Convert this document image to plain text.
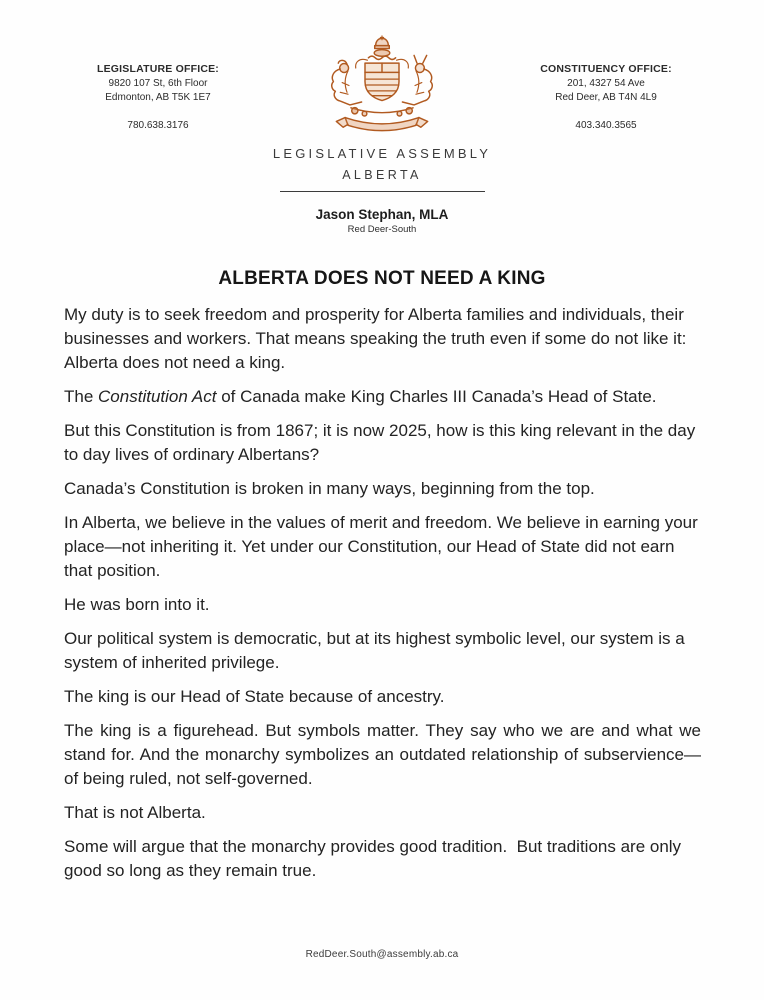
LEGISLATURE OFFICE:
9820 107 St, 6th Floor
Edmonton, AB T5K 1E7
780.638.3176
CONSTITUENCY OFFICE:
201, 4327 54 Ave
Red Deer, AB T4N 4L9
403.340.3565
LEGISLATIVE ASSEMBLY
ALBERTA
Jason Stephan, MLA
Red Deer-South
ALBERTA DOES NOT NEED A KING

My duty is to seek freedom and prosperity for Alberta families and individuals, their businesses and workers. That means speaking the truth even if some do not like it: Alberta does not need a king.

The Constitution Act of Canada make King Charles III Canada’s Head of State.

But this Constitution is from 1867; it is now 2025, how is this king relevant in the day to day lives of ordinary Albertans?

Canada’s Constitution is broken in many ways, beginning from the top.

In Alberta, we believe in the values of merit and freedom. We believe in earning your place—not inheriting it. Yet under our Constitution, our Head of State did not earn that position.

He was born into it.

Our political system is democratic, but at its highest symbolic level, our system is a system of inherited privilege.

The king is our Head of State because of ancestry.

The king is a figurehead. But symbols matter. They say who we are and what we stand for. And the monarchy symbolizes an outdated relationship of subservience—of being ruled, not self-governed.

That is not Alberta.

Some will argue that the monarchy provides good tradition.  But traditions are only good so long as they remain true.

RedDeer.South@assembly.ab.ca
